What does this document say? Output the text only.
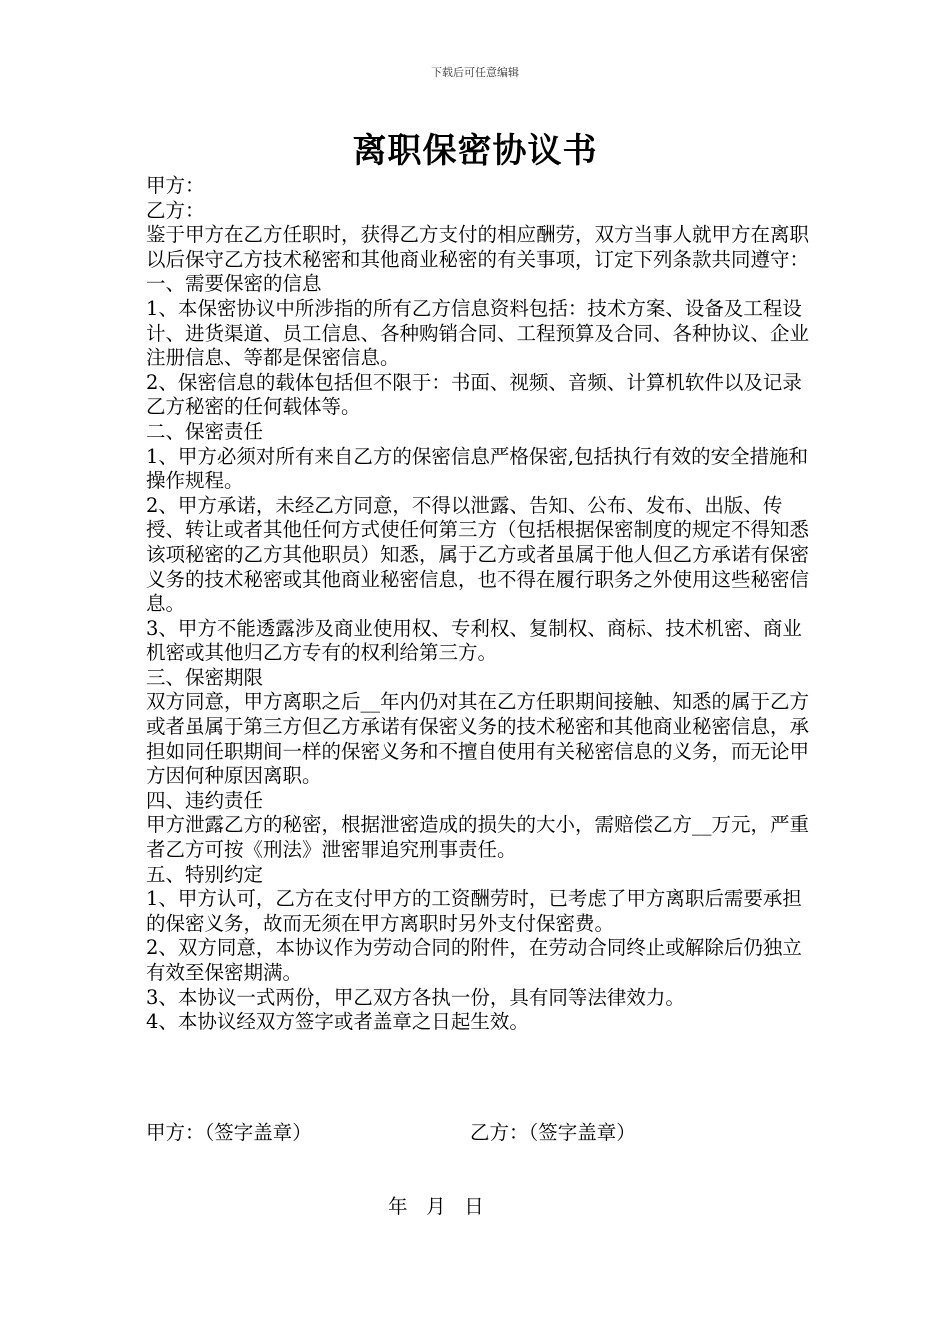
下载后可任意编辑
离职保密协议书

甲方：

乙方：

鉴于甲方在乙方任职时，获得乙方支付的相应酬劳，双方当事人就甲方在离职以后保守乙方技术秘密和其他商业秘密的有关事项，订定下列条款共同遵守：

一、需要保密的信息

1、本保密协议中所涉指的所有乙方信息资料包括：技术方案、设备及工程设计、进货渠道、员工信息、各种购销合同、工程预算及合同、各种协议、企业注册信息、等都是保密信息。

2、保密信息的载体包括但不限于：书面、视频、音频、计算机软件以及记录乙方秘密的任何载体等。

二、保密责任

1、甲方必须对所有来自乙方的保密信息严格保密,包括执行有效的安全措施和操作规程。

2、甲方承诺，未经乙方同意，不得以泄露、告知、公布、发布、出版、传授、转让或者其他任何方式使任何第三方（包括根据保密制度的规定不得知悉该项秘密的乙方其他职员）知悉，属于乙方或者虽属于他人但乙方承诺有保密义务的技术秘密或其他商业秘密信息，也不得在履行职务之外使用这些秘密信息。

3、甲方不能透露涉及商业使用权、专利权、复制权、商标、技术机密、商业机密或其他归乙方专有的权利给第三方。

三、保密期限

双方同意，甲方离职之后__年内仍对其在乙方任职期间接触、知悉的属于乙方或者虽属于第三方但乙方承诺有保密义务的技术秘密和其他商业秘密信息，承担如同任职期间一样的保密义务和不擅自使用有关秘密信息的义务，而无论甲方因何种原因离职。

四、违约责任

甲方泄露乙方的秘密，根据泄密造成的损失的大小，需赔偿乙方__万元，严重者乙方可按《刑法》泄密罪追究刑事责任。

五、特别约定

1、甲方认可，乙方在支付甲方的工资酬劳时，已考虑了甲方离职后需要承担的保密义务，故而无须在甲方离职时另外支付保密费。

2、双方同意，本协议作为劳动合同的附件，在劳动合同终止或解除后仍独立有效至保密期满。

3、本协议一式两份，甲乙双方各执一份，具有同等法律效力。

4、本协议经双方签字或者盖章之日起生效。

甲方：（签字盖章）	乙方：（签字盖章）
年   月   日
